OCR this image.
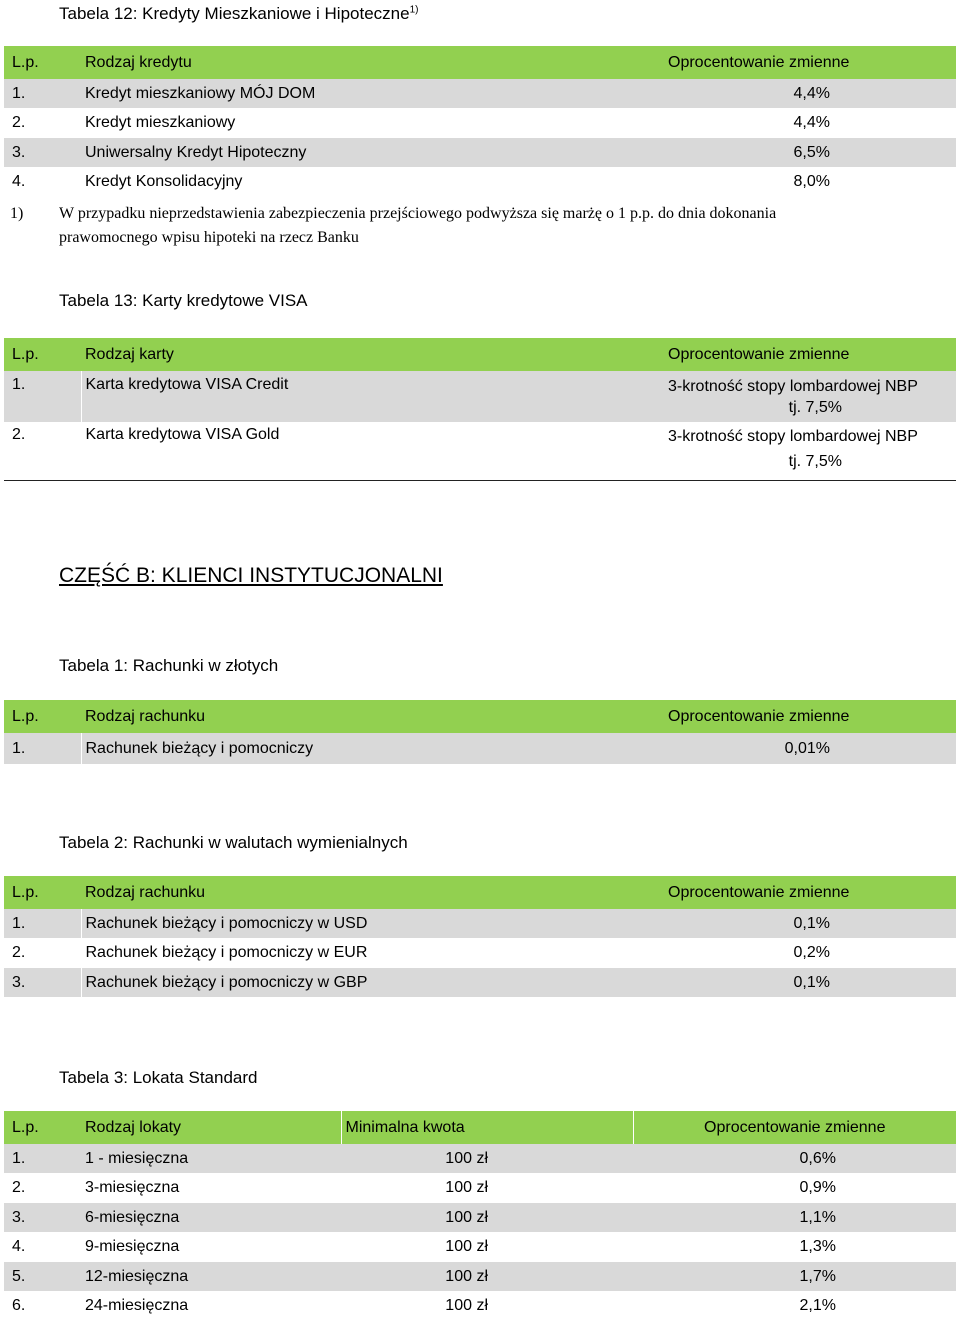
Tabela 12: Kredyty Mieszkaniowe i Hipoteczne$^{1)}$
L.p.	Rodzaj kredytu	Oprocentowanie zmienne
1.	Kredyt mieszkaniowy MÓJ DOM	4,4%
2.	Kredyt mieszkaniowy	4,4%
3.	Uniwersalny Kredyt Hipoteczny	6,5%
4.	Kredyt Konsolidacyjny	8,0%
1) W przypadku nieprzedstawienia zabezpieczenia przejściowego podwyższa się marżę o 1 p.p. do dnia dokonania
prawomocnego wpisu hipoteki na rzecz Banku
Tabela 13: Karty kredytowe VISA
L.p.	Rodzaj karty	Oprocentowanie zmienne
1.	Karta kredytowa VISA Credit	3-krotność stopy lombardowej NBP
tj. 7,5%

2.	Karta kredytowa VISA Gold	3-krotność stopy lombardowej NBP
tj. 7,5%
CZĘŚĆ B: KLIENCI INSTYTUCJONALNI
Tabela 1: Rachunki w złotych
L.p.	Rodzaj rachunku	Oprocentowanie zmienne
1.	Rachunek bieżący i pomocniczy	0,01%
Tabela 2: Rachunki w walutach wymienialnych
L.p.	Rodzaj rachunku	Oprocentowanie zmienne
1.	Rachunek bieżący i pomocniczy w USD	0,1%
2.	Rachunek bieżący i pomocniczy w EUR	0,2%
3.	Rachunek bieżący i pomocniczy w GBP	0,1%
Tabela 3: Lokata Standard
L.p.	Rodzaj lokaty	Minimalna kwota	Oprocentowanie zmienne
1.	1 - miesięczna	100 zł	0,6%
2.	3-miesięczna	100 zł	0,9%
3.	6-miesięczna	100 zł	1,1%
4.	9-miesięczna	100 zł	1,3%
5.	12-miesięczna	100 zł	1,7%
6.	24-miesięczna	100 zł	2,1%
